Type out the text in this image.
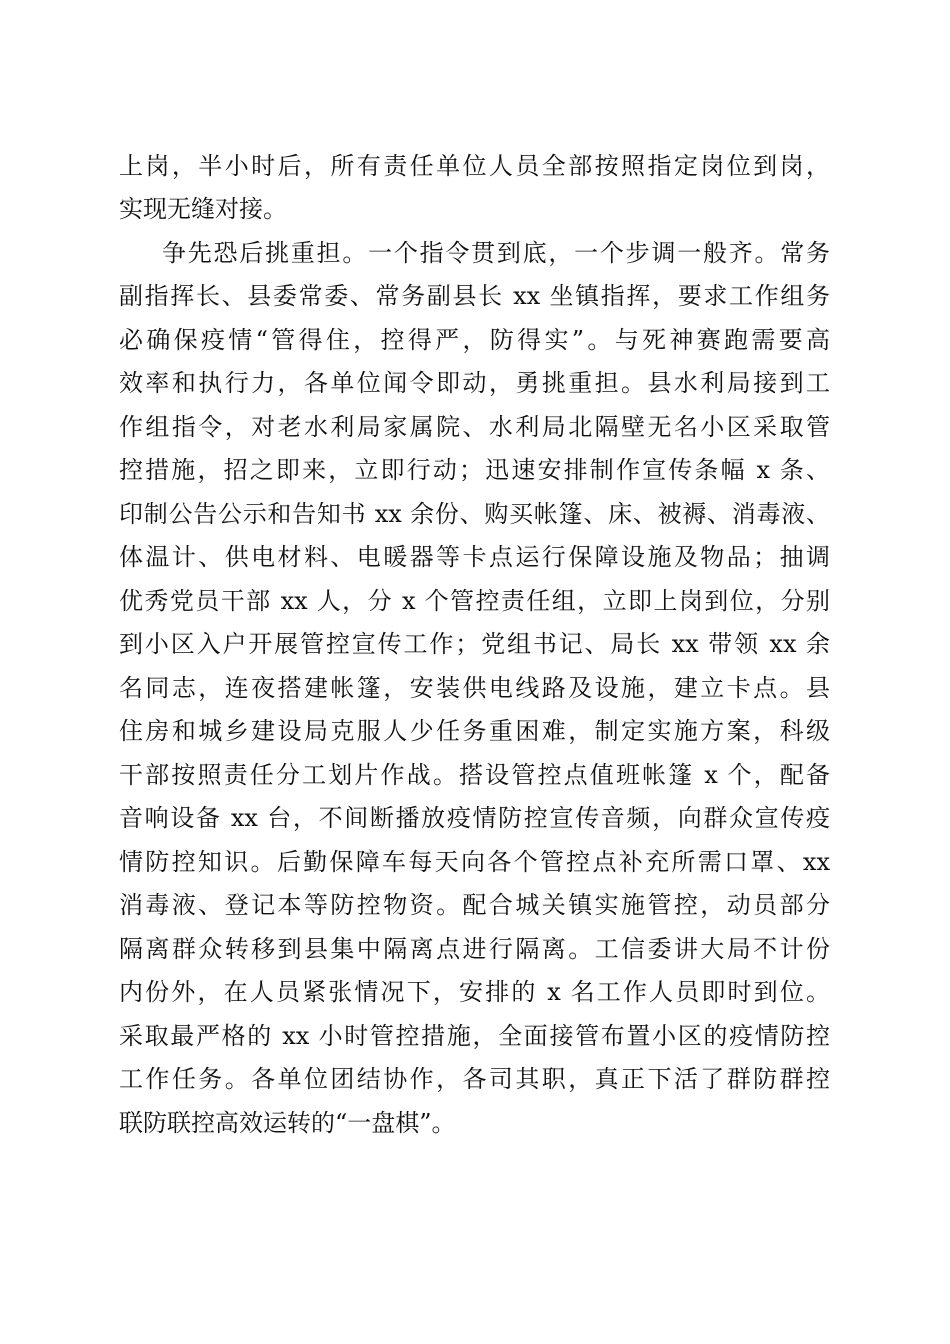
上岗，半小时后，所有责任单位人员全部按照指定岗位到岗，
实现无缝对接。
争先恐后挑重担。一个指令贯到底，一个步调一般齐。常务
副指挥长、县委常委、常务副县长 xx 坐镇指挥，要求工作组务
必确保疫情“管得住，控得严，防得实”。与死神赛跑需要高
效率和执行力，各单位闻令即动，勇挑重担。县水利局接到工
作组指令，对老水利局家属院、水利局北隔壁无名小区采取管
控措施，招之即来，立即行动；迅速安排制作宣传条幅 x 条、
印制公告公示和告知书 xx 余份、购买帐篷、床、被褥、消毒液、
体温计、供电材料、电暖器等卡点运行保障设施及物品；抽调
优秀党员干部 xx 人，分 x 个管控责任组，立即上岗到位，分别
到小区入户开展管控宣传工作；党组书记、局长 xx 带领 xx 余
名同志，连夜搭建帐篷，安装供电线路及设施，建立卡点。县
住房和城乡建设局克服人少任务重困难，制定实施方案，科级
干部按照责任分工划片作战。搭设管控点值班帐篷 x 个，配备
音响设备 xx 台，不间断播放疫情防控宣传音频，向群众宣传疫
情防控知识。后勤保障车每天向各个管控点补充所需口罩、xx
消毒液、登记本等防控物资。配合城关镇实施管控，动员部分
隔离群众转移到县集中隔离点进行隔离。工信委讲大局不计份
内份外，在人员紧张情况下，安排的 x 名工作人员即时到位。
采取最严格的 xx 小时管控措施，全面接管布置小区的疫情防控
工作任务。各单位团结协作，各司其职，真正下活了群防群控
联防联控高效运转的“一盘棋”。
